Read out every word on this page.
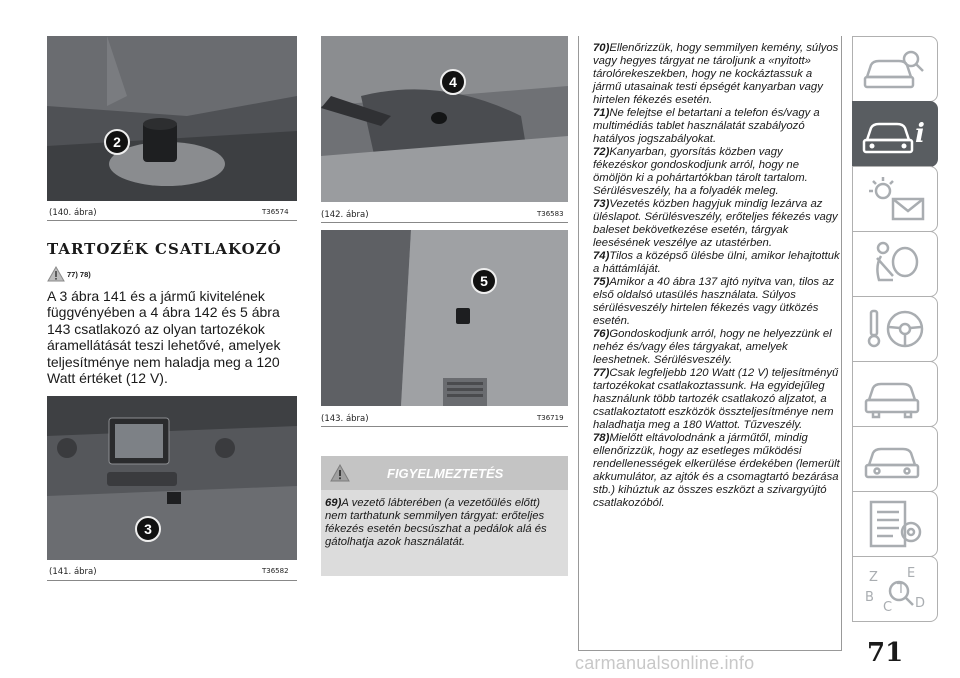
2
(140. ábra)	T36574
TARTOZÉK CSATLAKOZÓ
77) 78)

A 3 ábra 141 és a jármű kivitelének függvényében a 4 ábra 142 és 5 ábra 143 csatlakozó az olyan tartozékok áramellátását teszi lehetővé, amelyek teljesítménye nem haladja meg a 120 Watt értéket (12 V).

3
(141. ábra)	T36582
4
(142. ábra)	T36583
5
(143. ábra)	T36719
FIGYELMEZTETÉS

69)A vezető lábterében (a vezetőülés előtt) nem tarthatunk semmilyen tárgyat: erőteljes fékezés esetén becsúszhat a pedálok alá és gátolhatja azok használatát.

70)Ellenőrizzük, hogy semmilyen kemény, súlyos vagy hegyes tárgyat ne tároljunk a «nyitott» tárolórekeszekben, hogy ne kockáztassuk a jármű utasainak testi épségét kanyarban vagy hirtelen fékezés esetén.

71)Ne felejtse el betartani a telefon és/vagy a multimédiás tablet használatát szabályozó hatályos jogszabályokat.

72)Kanyarban, gyorsítás közben vagy fékezéskor gondoskodjunk arról, hogy ne ömöljön ki a pohártartókban tárolt tartalom. Sérülésveszély, ha a folyadék meleg.

73)Vezetés közben hagyjuk mindig lezárva az üléslapot. Sérülésveszély, erőteljes fékezés vagy baleset bekövetkezése esetén, tárgyak leesésének veszélye az utastérben.

74)Tilos a középső ülésbe ülni, amikor lehajtottuk a háttámláját.

75)Amikor a 40 ábra 137 ajtó nyitva van, tilos az első oldalsó utasülés használata. Súlyos sérülésveszély hirtelen fékezés vagy ütközés esetén.

76)Gondoskodjunk arról, hogy ne helyezzünk el nehéz és/vagy éles tárgyakat, amelyek leeshetnek. Sérülésveszély.

77)Csak legfeljebb 120 Watt (12 V) teljesítményű tartozékokat csatlakoztassunk. Ha egyidejűleg használunk több tartozék csatlakozó aljzatot, a csatlakoztatott eszközök összteljesítménye nem haladhatja meg a 180 Wattot. Tűzveszély.

78)Mielőtt eltávolodnánk a járműtől, mindig ellenőrizzük, hogy az esetleges működési rendellenességek elkerülése érdekében (lemerült akkumulátor, az ajtók és a csomagtartó bezárása stb.) kihúztuk az összes eszközt a szivargyújtó csatlakozóból.

i
Z E
B
C D
T
71
carmanualsonline.info
